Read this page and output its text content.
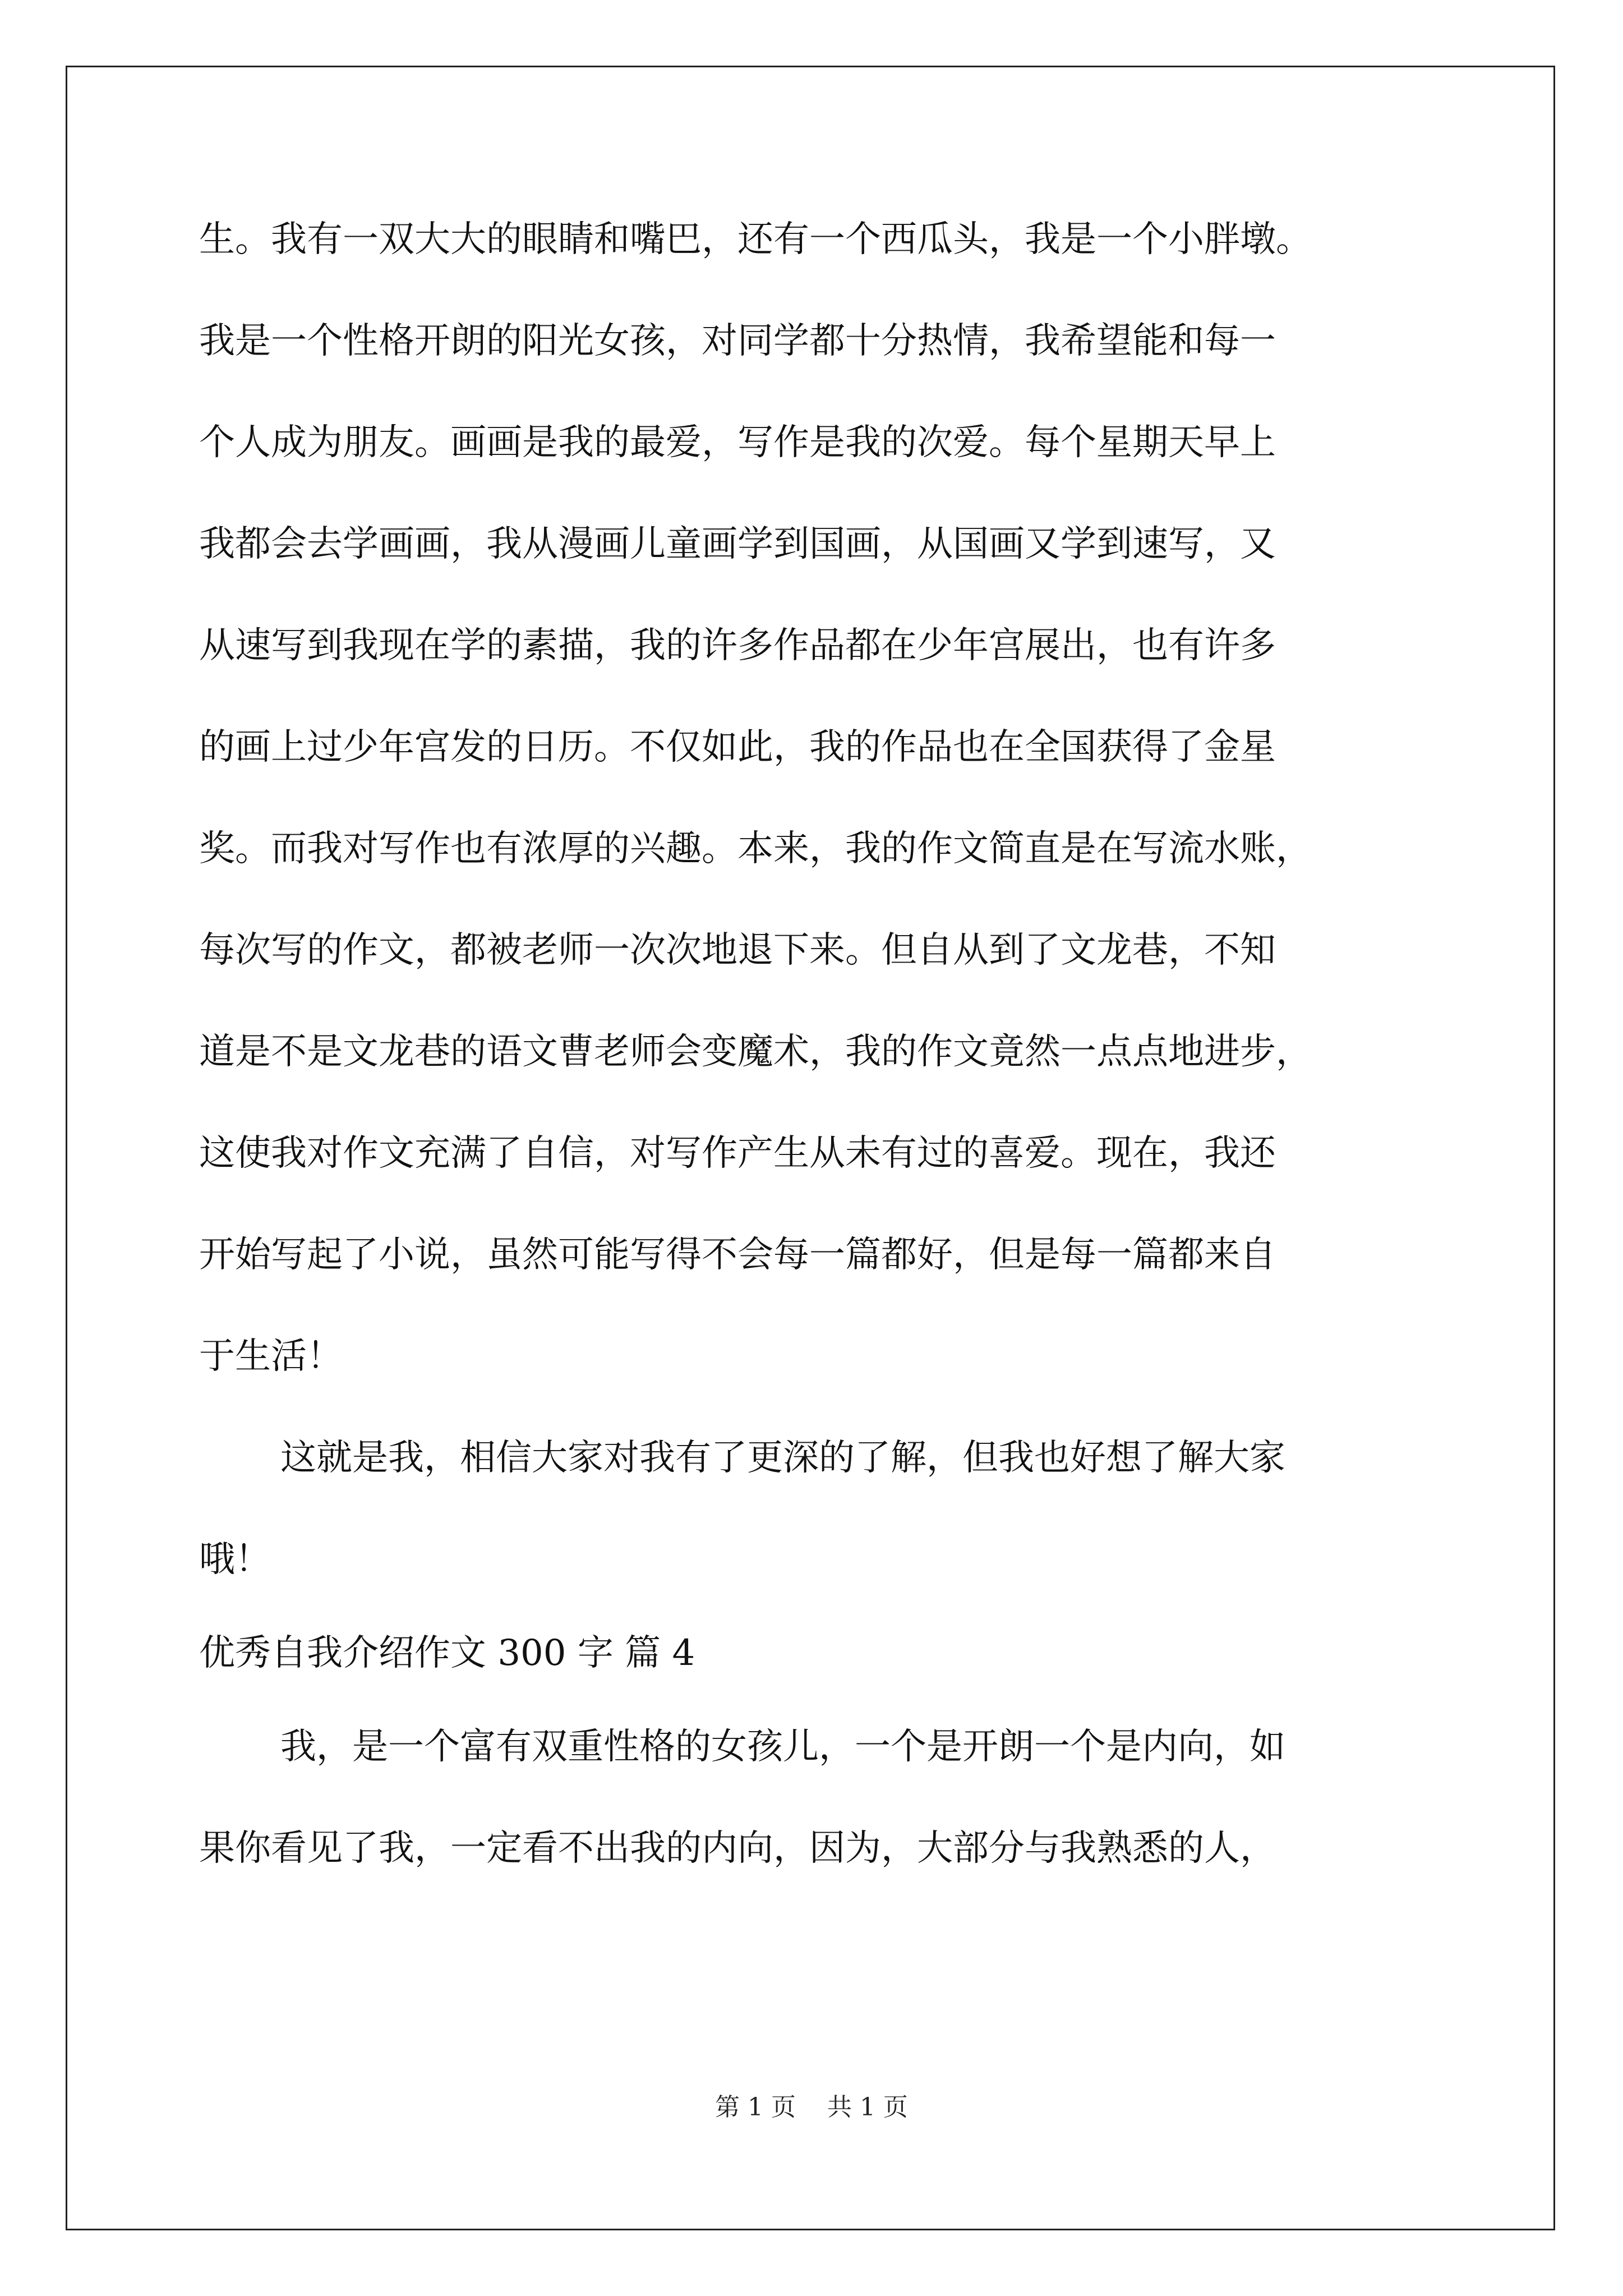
生。我有一双大大的眼睛和嘴巴，还有一个西瓜头，我是一个小胖墩。
我是一个性格开朗的阳光女孩，对同学都十分热情，我希望能和每一
个人成为朋友。画画是我的最爱，写作是我的次爱。每个星期天早上
我都会去学画画，我从漫画儿童画学到国画，从国画又学到速写，又
从速写到我现在学的素描，我的许多作品都在少年宫展出，也有许多
的画上过少年宫发的日历。不仅如此，我的作品也在全国获得了金星
奖。而我对写作也有浓厚的兴趣。本来，我的作文简直是在写流水账，
每次写的作文，都被老师一次次地退下来。但自从到了文龙巷，不知
道是不是文龙巷的语文曹老师会变魔术，我的作文竟然一点点地进步，
这使我对作文充满了自信，对写作产生从未有过的喜爱。现在，我还
开始写起了小说，虽然可能写得不会每一篇都好，但是每一篇都来自
于生活！
这就是我，相信大家对我有了更深的了解，但我也好想了解大家
哦！
优秀自我介绍作文 300 字 篇 4
我，是一个富有双重性格的女孩儿，一个是开朗一个是内向，如
果你看见了我，一定看不出我的内向，因为，大部分与我熟悉的人，
第 1 页    共 1 页
